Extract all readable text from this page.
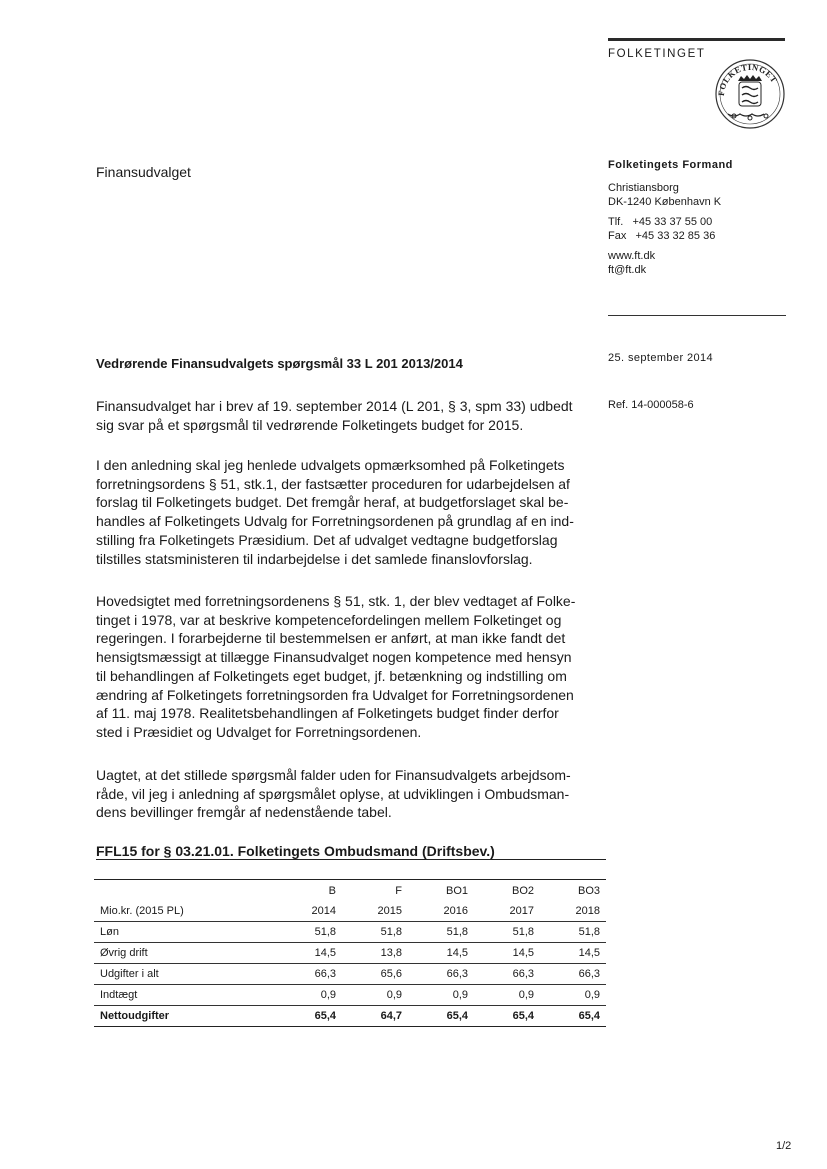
FOLKETINGET
FOLKETINGET
Finansudvalget	Folketingets Formand
Christiansborg
DK-1240 København K
Tlf.   +45 33 37 55 00
Fax   +45 33 32 85 36
www.ft.dk
ft@ft.dk
25. september 2014
Ref. 14-000058-6
Vedrørende Finansudvalgets spørgsmål 33 L 201 2013/2014
Finansudvalget har i brev af 19. september 2014 (L 201, § 3, spm 33) udbedt
sig svar på et spørgsmål til vedrørende Folketingets budget for 2015.
I den anledning skal jeg henlede udvalgets opmærksomhed på Folketingets
forretningsordens § 51, stk.1, der fastsætter proceduren for udarbejdelsen af
forslag til Folketingets budget. Det fremgår heraf, at budgetforslaget skal be-
handles af Folketingets Udvalg for Forretningsordenen på grundlag af en ind-
stilling fra Folketingets Præsidium. Det af udvalget vedtagne budgetforslag
tilstilles statsministeren til indarbejdelse i det samlede finanslovforslag.
Hovedsigtet med forretningsordenens § 51, stk. 1, der blev vedtaget af Folke-
tinget i 1978, var at beskrive kompetencefordelingen mellem Folketinget og
regeringen. I forarbejderne til bestemmelsen er anført, at man ikke fandt det
hensigtsmæssigt at tillægge Finansudvalget nogen kompetence med hensyn
til behandlingen af Folketingets eget budget, jf. betænkning og indstilling om
ændring af Folketingets forretningsorden fra Udvalget for Forretningsordenen
af 11. maj 1978. Realitetsbehandlingen af Folketingets budget finder derfor
sted i Præsidiet og Udvalget for Forretningsordenen.
Uagtet, at det stillede spørgsmål falder uden for Finansudvalgets arbejdsom-
råde, vil jeg i anledning af spørgsmålet oplyse, at udviklingen i Ombudsman-
dens bevillinger fremgår af nedenstående tabel.
FFL15 for § 03.21.01. Folketingets Ombudsmand (Driftsbev.)
	B	F	BO1	BO2	BO3
Mio.kr. (2015 PL)	2014	2015	2016	2017	2018
Løn	51,8	51,8	51,8	51,8	51,8
Øvrig drift	14,5	13,8	14,5	14,5	14,5
Udgifter i alt	66,3	65,6	66,3	66,3	66,3
Indtægt	0,9	0,9	0,9	0,9	0,9
Nettoudgifter	65,4	64,7	65,4	65,4	65,4
1/2
